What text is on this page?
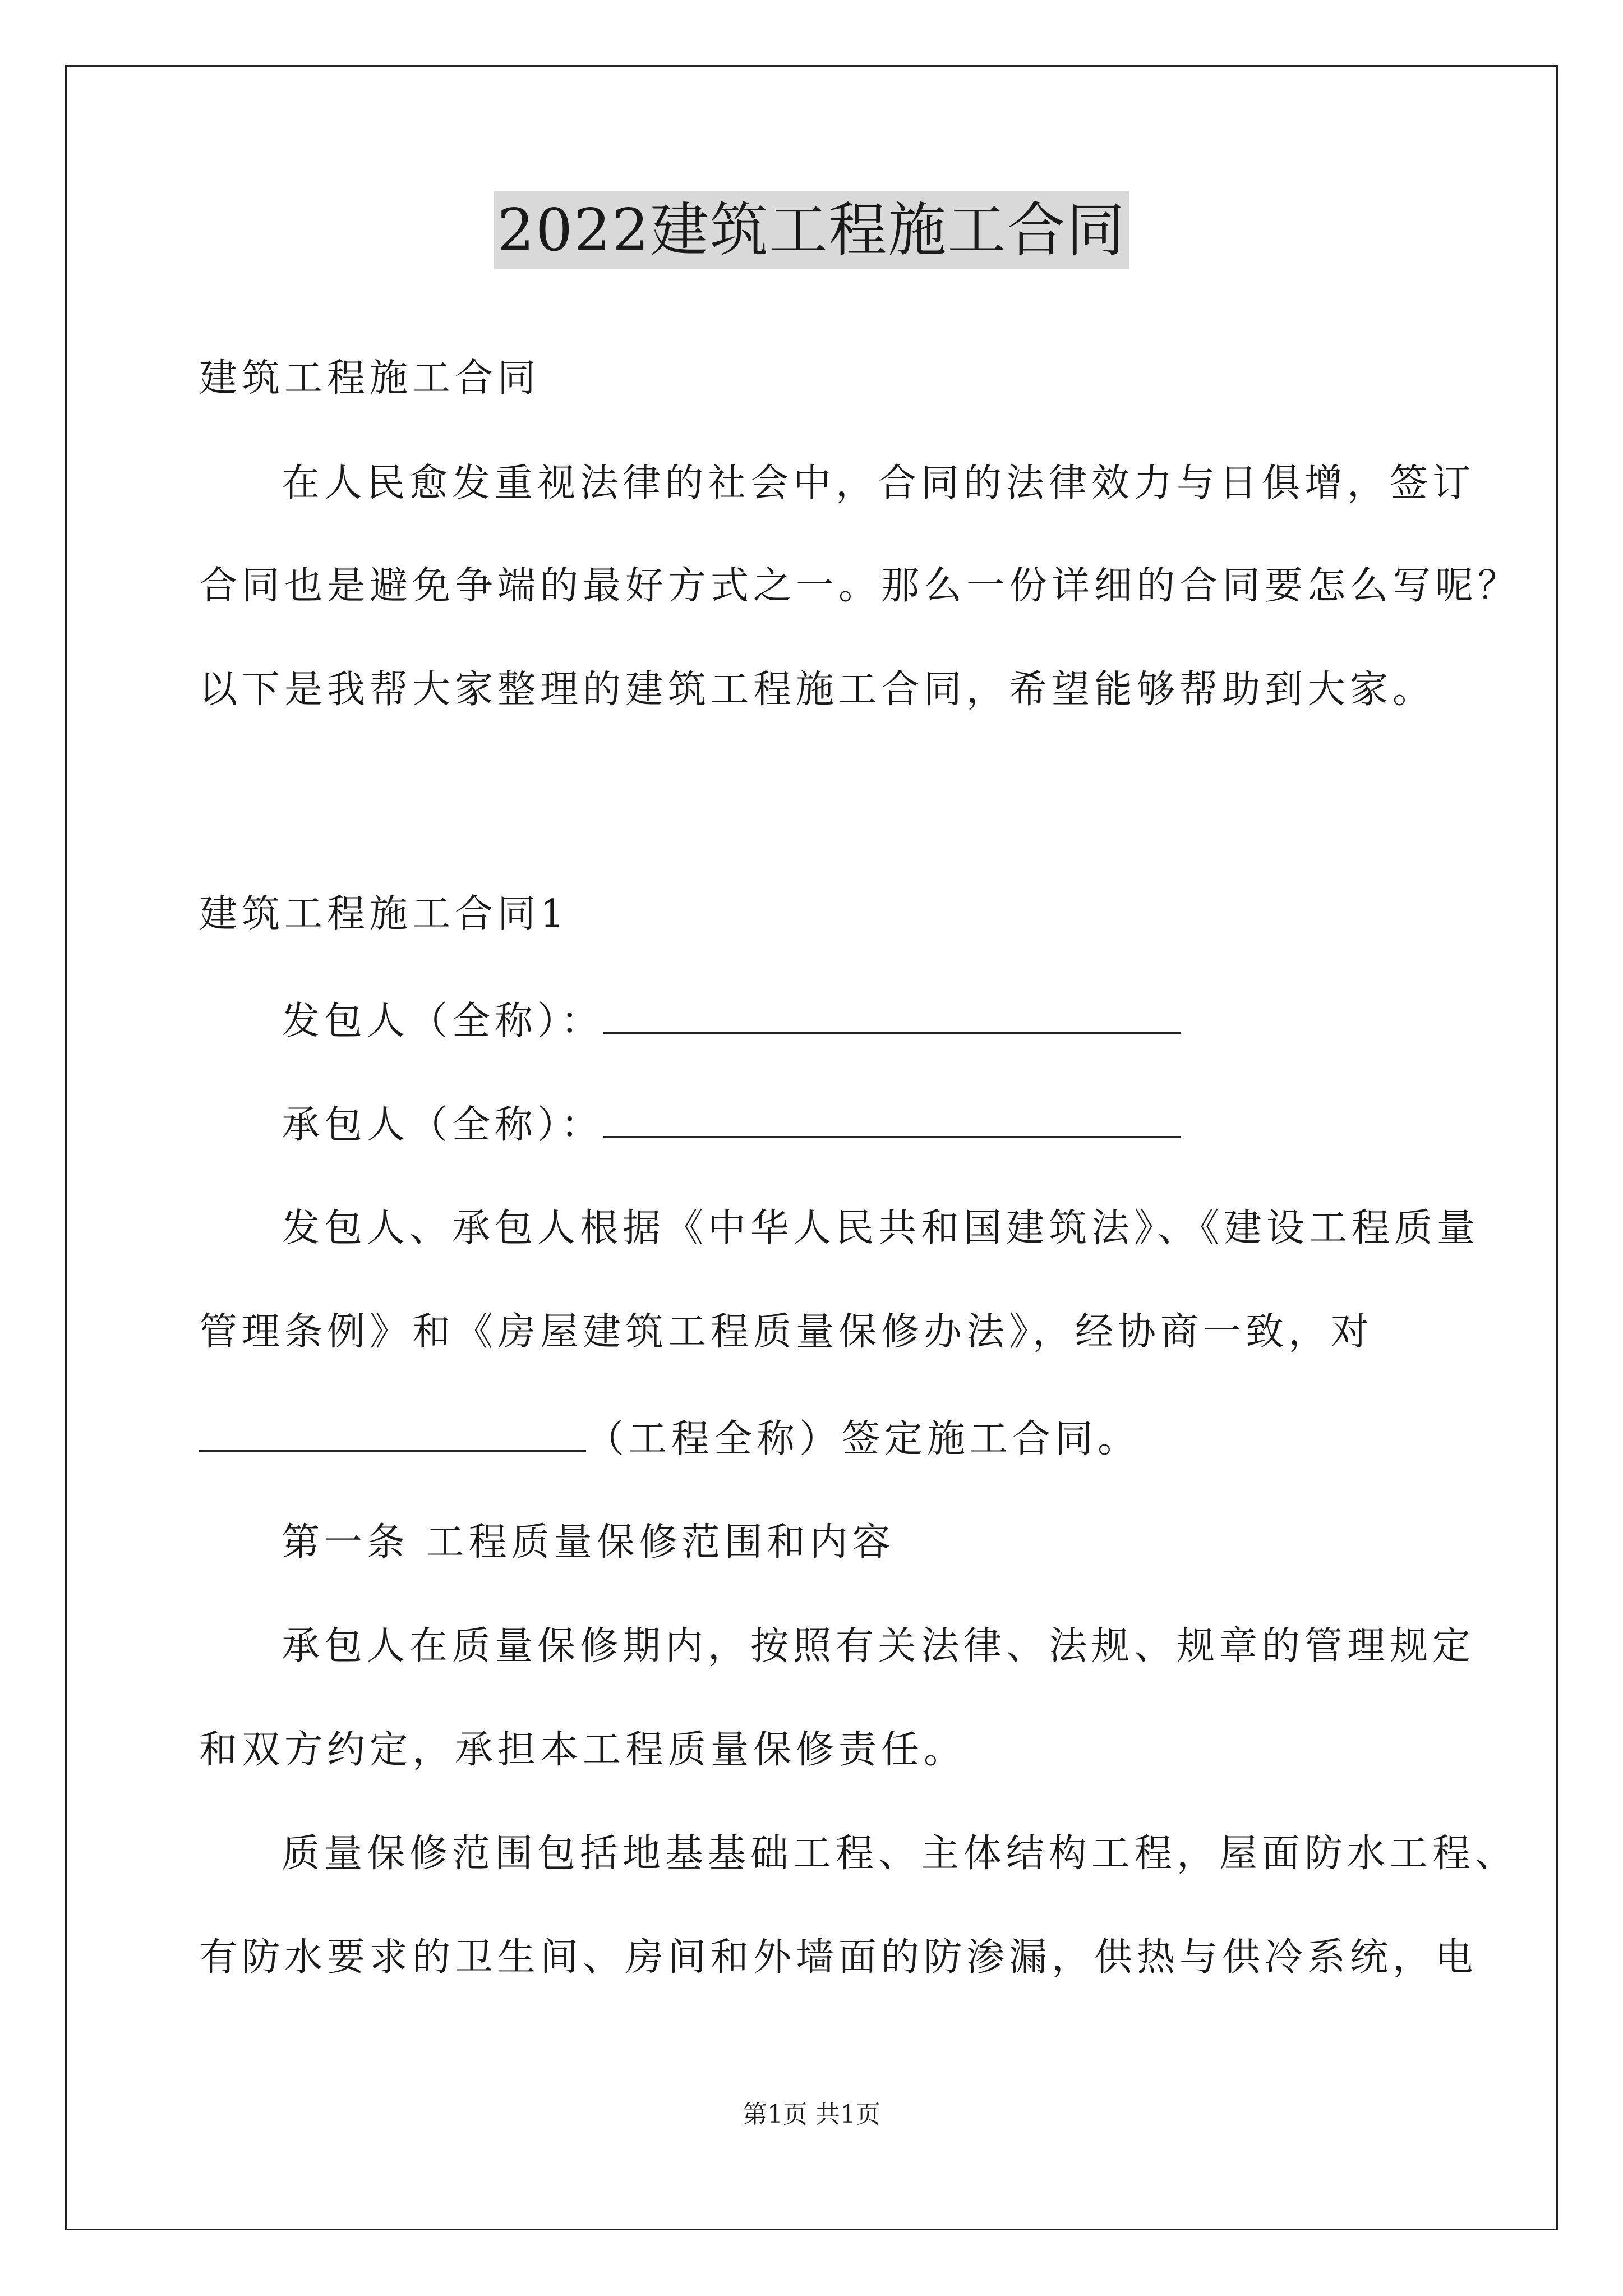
2022建筑工程施工合同
建筑工程施工合同
在人民愈发重视法律的社会中，合同的法律效力与日俱增，签订
合同也是避免争端的最好方式之一。那么一份详细的合同要怎么写呢？
以下是我帮大家整理的建筑工程施工合同，希望能够帮助到大家。
建筑工程施工合同1
发包人（全称）：
承包人（全称）：
发包人、承包人根据《中华人民共和国建筑法》、《建设工程质量
管理条例》和《房屋建筑工程质量保修办法》，经协商一致，对
（工程全称）签定施工合同。
第一条 工程质量保修范围和内容
承包人在质量保修期内，按照有关法律、法规、规章的管理规定
和双方约定，承担本工程质量保修责任。
质量保修范围包括地基基础工程、主体结构工程，屋面防水工程、
有防水要求的卫生间、房间和外墙面的防渗漏，供热与供冷系统，电
第1页 共1页
